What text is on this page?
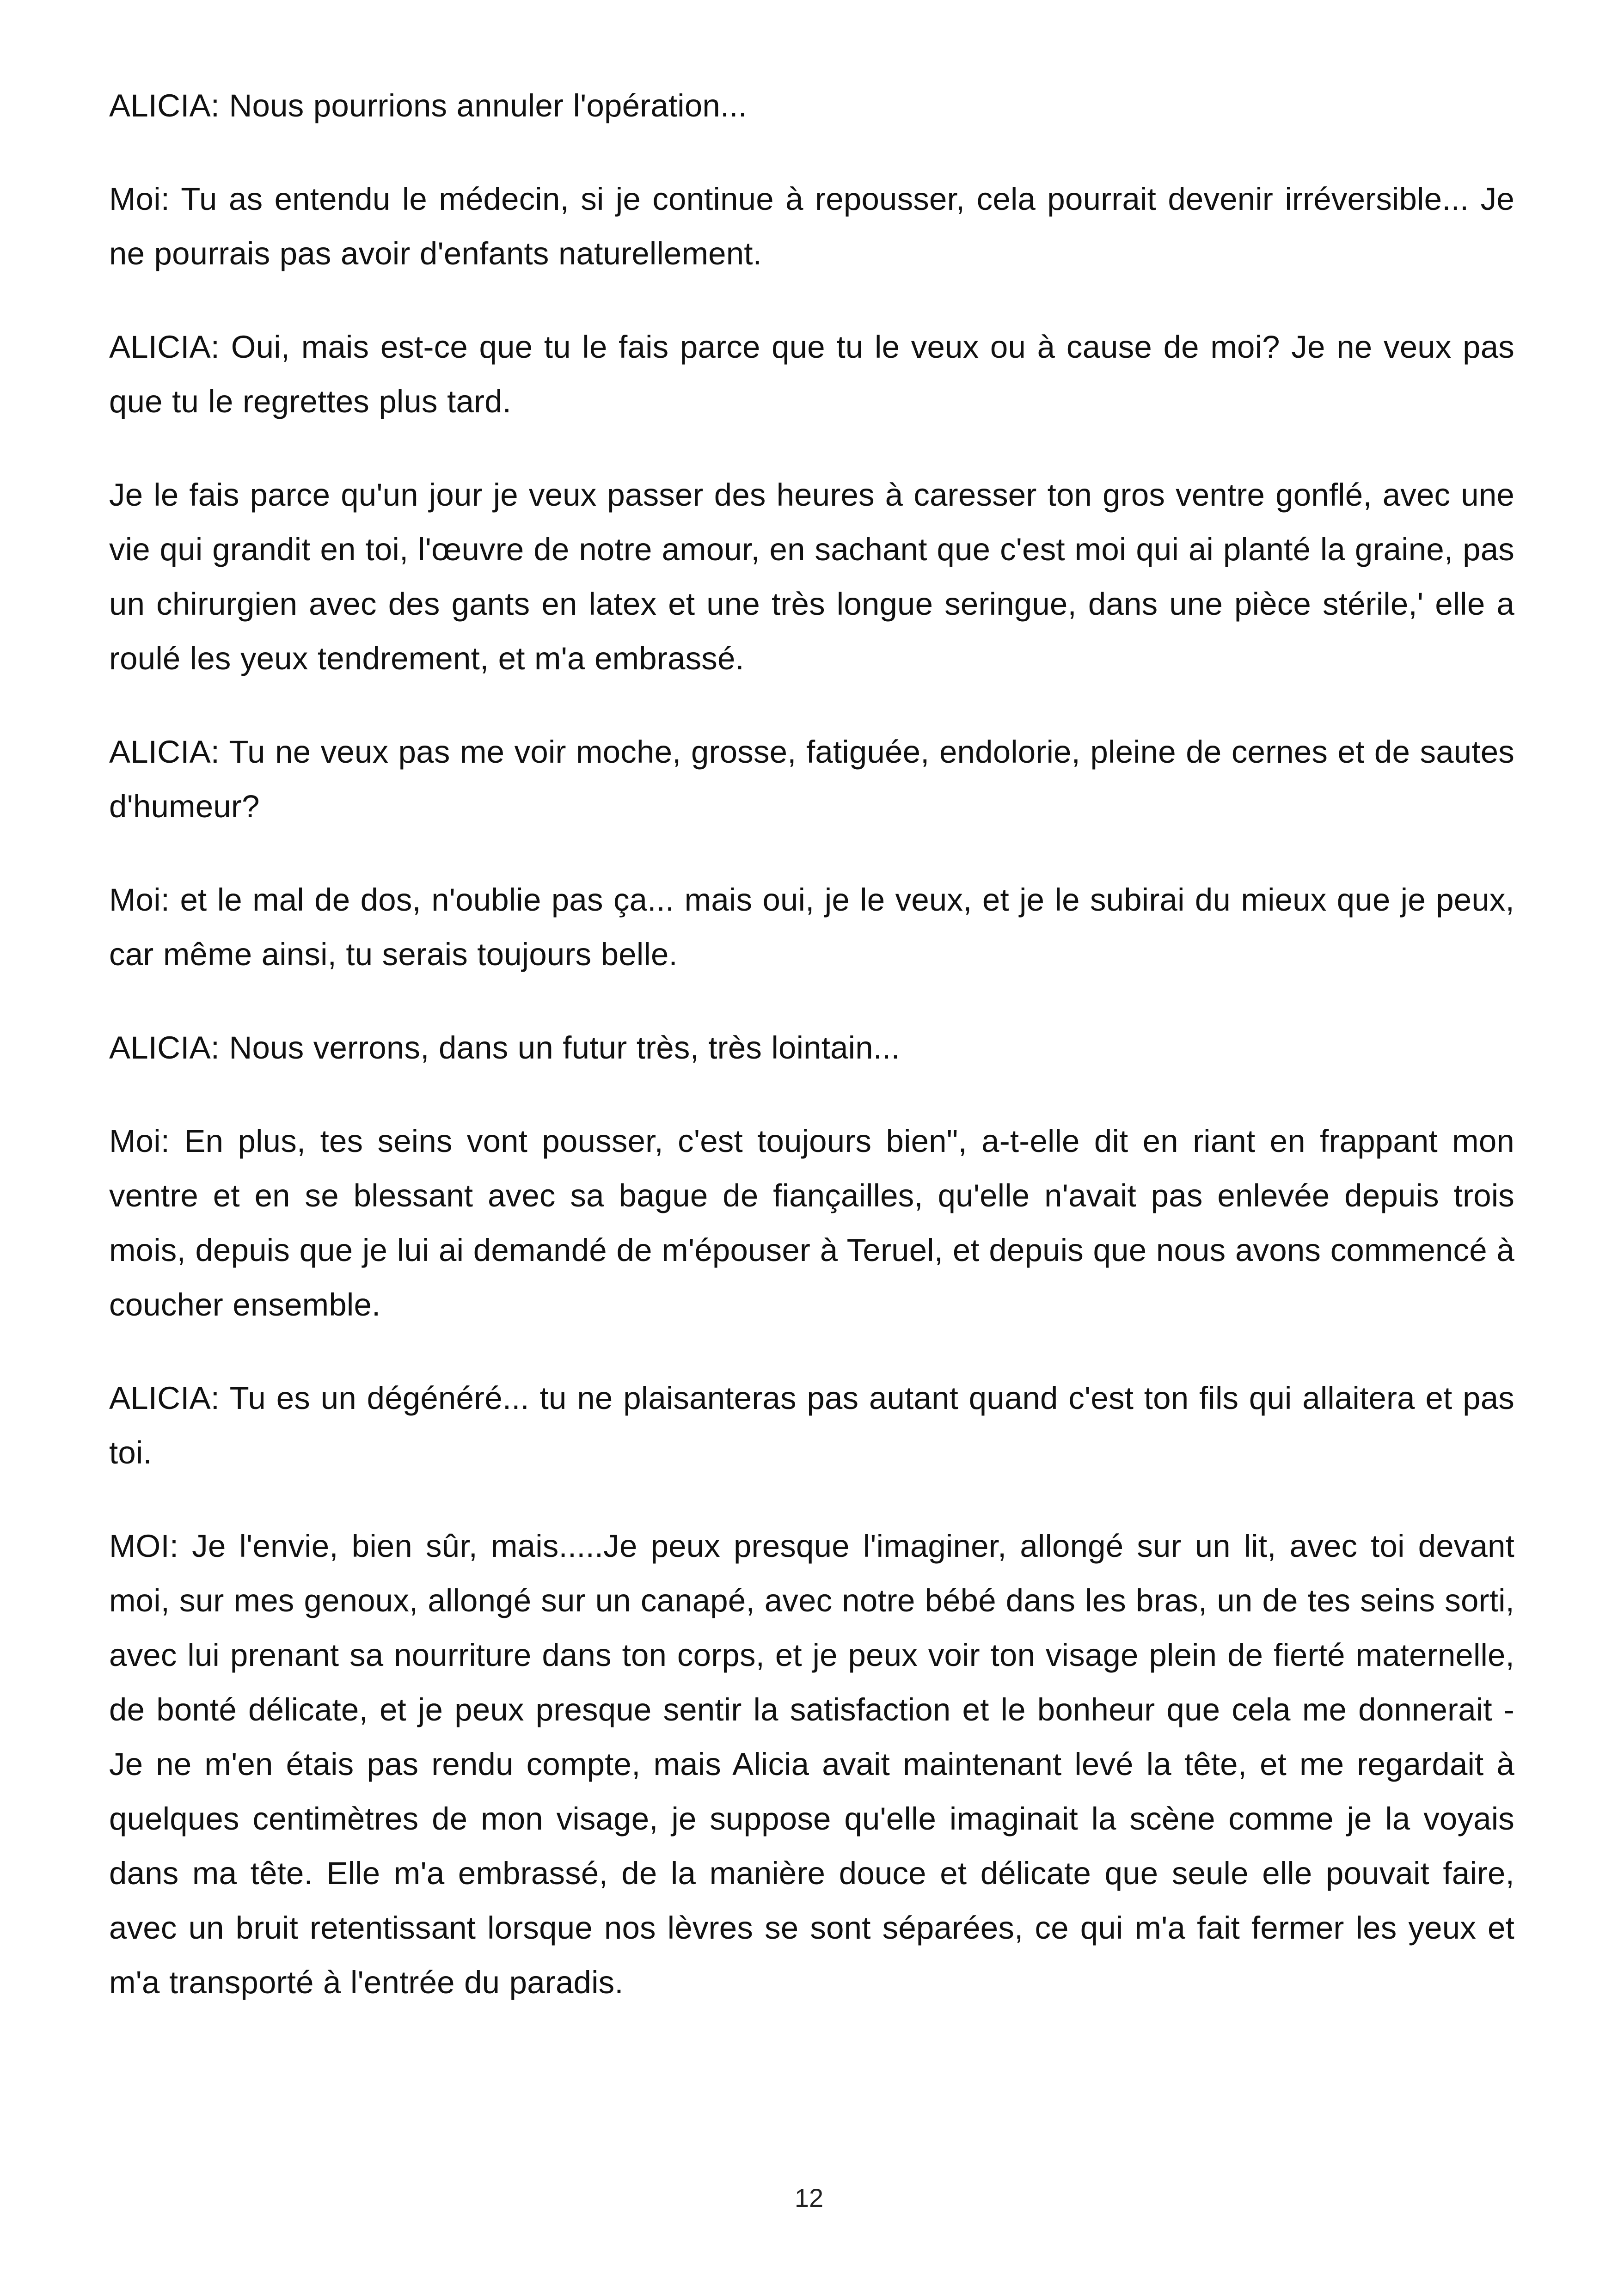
ALICIA: Nous pourrions annuler l'opération...

Moi: Tu as entendu le médecin, si je continue à repousser, cela pourrait devenir irréversible... Je ne pourrais pas avoir d'enfants naturellement.

ALICIA: Oui, mais est-ce que tu le fais parce que tu le veux ou à cause de moi? Je ne veux pas que tu le regrettes plus tard.

Je le fais parce qu'un jour je veux passer des heures à caresser ton gros ventre gonflé, avec une vie qui grandit en toi, l'œuvre de notre amour, en sachant que c'est moi qui ai planté la graine, pas un chirurgien avec des gants en latex et une très longue seringue, dans une pièce stérile,' elle a roulé les yeux tendrement, et m'a embrassé.

ALICIA: Tu ne veux pas me voir moche, grosse, fatiguée, endolorie, pleine de cernes et de sautes d'humeur?

Moi: et le mal de dos, n'oublie pas ça... mais oui, je le veux, et je le subirai du mieux que je peux, car même ainsi, tu serais toujours belle.

ALICIA: Nous verrons, dans un futur très, très lointain...

Moi: En plus, tes seins vont pousser, c'est toujours bien", a-t-elle dit en riant en frappant mon ventre et en se blessant avec sa bague de fiançailles, qu'elle n'avait pas enlevée depuis trois mois, depuis que je lui ai demandé de m'épouser à Teruel, et depuis que nous avons commencé à coucher ensemble.

ALICIA: Tu es un dégénéré... tu ne plaisanteras pas autant quand c'est ton fils qui allaitera et pas toi.

MOI: Je l'envie, bien sûr, mais.....Je peux presque l'imaginer, allongé sur un lit, avec toi devant moi, sur mes genoux, allongé sur un canapé, avec notre bébé dans les bras, un de tes seins sorti, avec lui prenant sa nourriture dans ton corps, et je peux voir ton visage plein de fierté maternelle, de bonté délicate, et je peux presque sentir la satisfaction et le bonheur que cela me donnerait - Je ne m'en étais pas rendu compte, mais Alicia avait maintenant levé la tête, et me regardait à quelques centimètres de mon visage, je suppose qu'elle imaginait la scène comme je la voyais dans ma tête. Elle m'a embrassé, de la manière douce et délicate que seule elle pouvait faire, avec un bruit retentissant lorsque nos lèvres se sont séparées, ce qui m'a fait fermer les yeux et m'a transporté à l'entrée du paradis.

12
